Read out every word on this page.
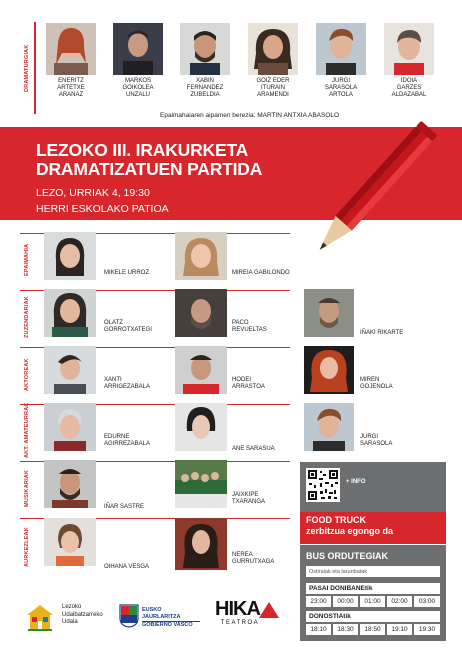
DRAMATURGIAK	ENERITZ
ARTETXE
ARANAZ
MARKOS
GOIKOLEA
UNZALU
XABIN
FERNANDEZ
ZUBELDIA
GOIZ EDER
ITURAIN
ARAMENDI
JURGI
SARASOLA
ARTOLA
IDOIA
GARZES
ALDAZABAL
Epaimahaiaren aipamen berezia: MARTIN ANTXIA ABASOLO
LEZOKO III. IRAKURKETA
DRAMATIZATUEN PARTIDA
LEZO, URRIAK 4, 19:30
HERRI ESKOLAKO PATIOA
EPAIMAHIA
ZUZENDARIAK
AKTOREAK
AKT. AMATEURRAK
MUSIKARIAK
AURKEZLEAK
MIKELE URROZ	MIREIA GABILONDO
OLATZ
GORROTXATEGI
PACO
REVUELTAS	IÑAKI RIKARTE
XANTI
ARRIGEZABALA
HODEI
ARRASTOA
MIREN
GOJENOLA
EDURNE
AGIRREZABALA
ANE SARASUA
JURGI
SARASOLA
IÑAR SASTRE
JAIXKIPE
TXARANGA
OIHANA VESGA
NEREA
GURRUTXAGA
+ INFO
FOOD TRUCK
zerbitzua egongo da
BUS ORDUTEGIAK
Ostiralak eta larunbatak
PASAI DONIBANEtik
23:00	00:00	01:00	02:00	03:00
DONOSTIAtik
18:10	18:30	18:50	19:10	19:30
Lezoko
Udalbatzarreko
Udala
EUSKO JAURLARITZA
GOBIERNO VASCO
HIKA
TEATROA
